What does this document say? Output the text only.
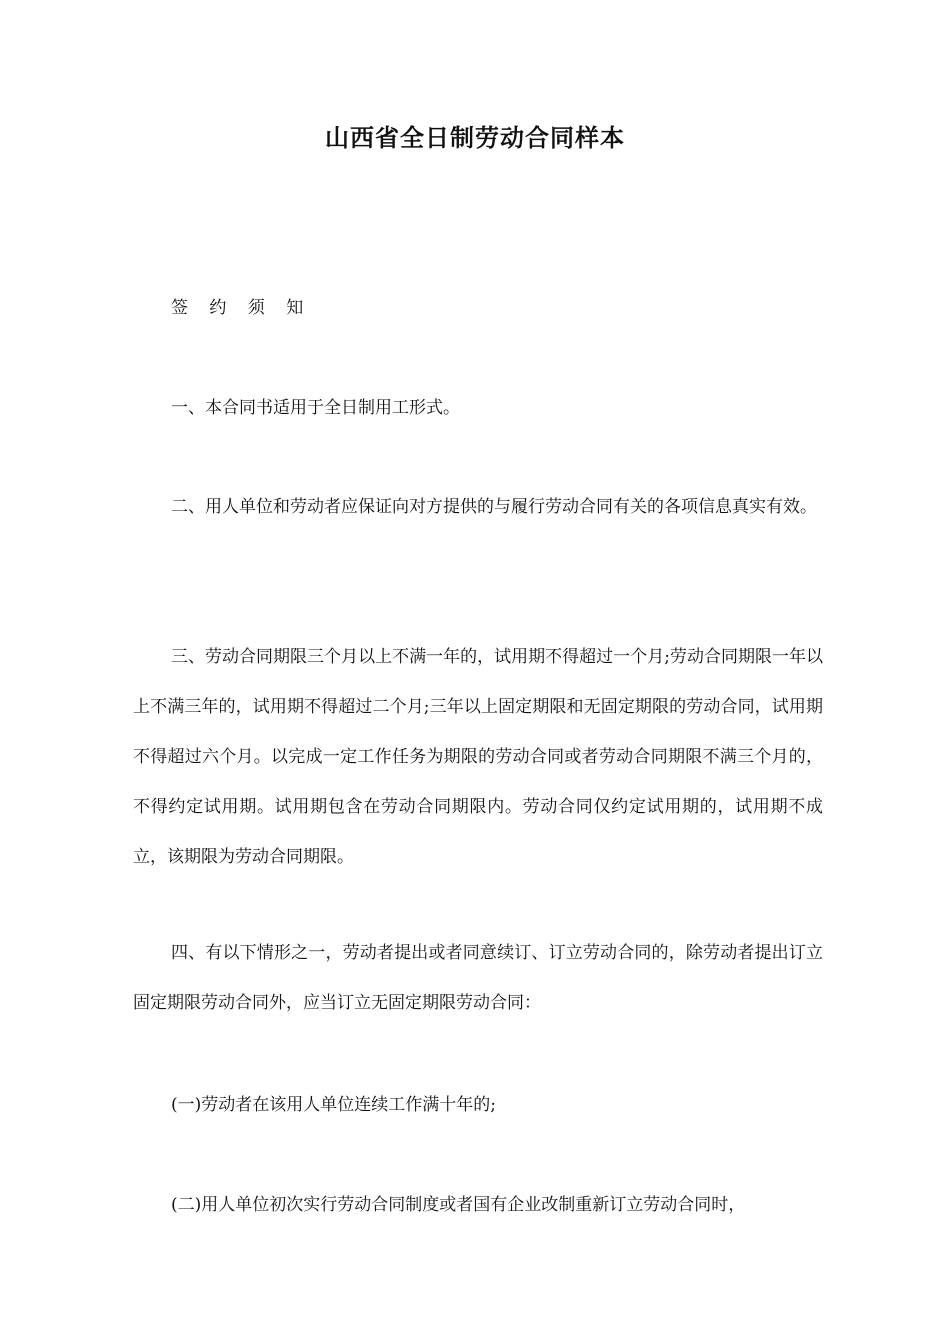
山西省全日制劳动合同样本

签 约 须 知

一、本合同书适用于全日制用工形式。

二、用人单位和劳动者应保证向对方提供的与履行劳动合同有关的各项信息真实有效。

三、劳动合同期限三个月以上不满一年的，试用期不得超过一个月;劳动合同期限一年以上不满三年的，试用期不得超过二个月;三年以上固定期限和无固定期限的劳动合同，试用期不得超过六个月。以完成一定工作任务为期限的劳动合同或者劳动合同期限不满三个月的，不得约定试用期。试用期包含在劳动合同期限内。劳动合同仅约定试用期的，试用期不成立，该期限为劳动合同期限。

四、有以下情形之一，劳动者提出或者同意续订、订立劳动合同的，除劳动者提出订立固定期限劳动合同外，应当订立无固定期限劳动合同：

(一)劳动者在该用人单位连续工作满十年的;

(二)用人单位初次实行劳动合同制度或者国有企业改制重新订立劳动合同时，
